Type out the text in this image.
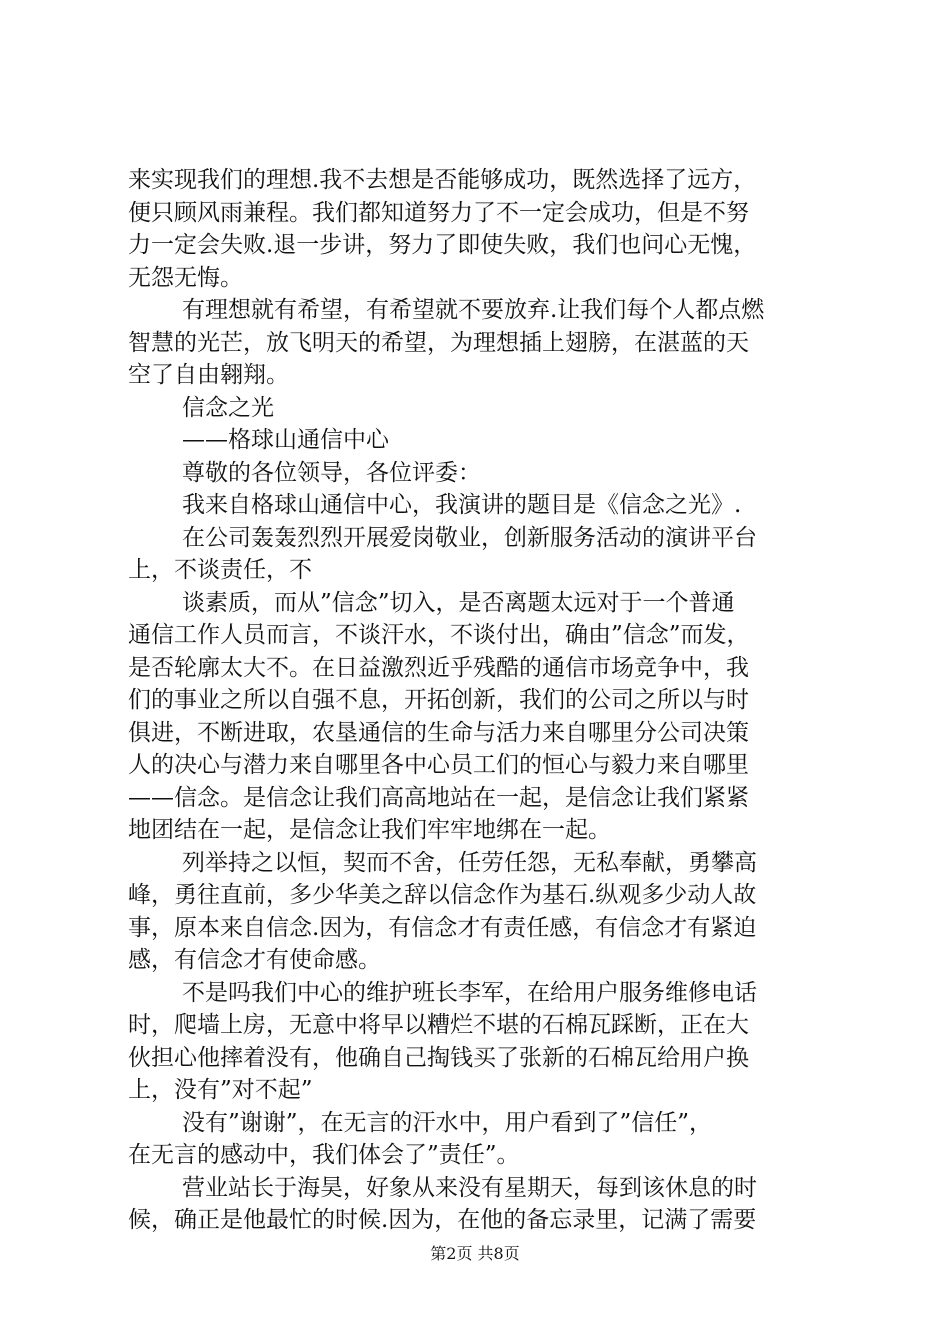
来实现我们的理想.我不去想是否能够成功，既然选择了远方，
便只顾风雨兼程。我们都知道努力了不一定会成功，但是不努
力一定会失败.退一步讲，努力了即使失败，我们也问心无愧，
无怨无悔。
有理想就有希望，有希望就不要放弃.让我们每个人都点燃
智慧的光芒，放飞明天的希望，为理想插上翅膀，在湛蓝的天
空了自由翱翔。
信念之光
——格球山通信中心
尊敬的各位领导，各位评委：
我来自格球山通信中心，我演讲的题目是《信念之光》.
在公司轰轰烈烈开展爱岗敬业，创新服务活动的演讲平台
上，不谈责任，不
谈素质，而从”信念”切入，是否离题太远对于一个普通
通信工作人员而言，不谈汗水，不谈付出，确由”信念”而发，
是否轮廓太大不。在日益激烈近乎残酷的通信市场竞争中，我
们的事业之所以自强不息，开拓创新，我们的公司之所以与时
俱进，不断进取，农垦通信的生命与活力来自哪里分公司决策
人的决心与潜力来自哪里各中心员工们的恒心与毅力来自哪里
——信念。是信念让我们高高地站在一起，是信念让我们紧紧
地团结在一起，是信念让我们牢牢地绑在一起。
列举持之以恒，契而不舍，任劳任怨，无私奉献，勇攀高
峰，勇往直前，多少华美之辞以信念作为基石.纵观多少动人故
事，原本来自信念.因为，有信念才有责任感，有信念才有紧迫
感，有信念才有使命感。
不是吗我们中心的维护班长李军，在给用户服务维修电话
时，爬墙上房，无意中将早以糟烂不堪的石棉瓦踩断，正在大
伙担心他摔着没有，他确自己掏钱买了张新的石棉瓦给用户换
上，没有”对不起”
没有”谢谢”，在无言的汗水中，用户看到了”信任”，
在无言的感动中，我们体会了”责任”。
营业站长于海昊，好象从来没有星期天，每到该休息的时
候，确正是他最忙的时候.因为，在他的备忘录里，记满了需要
第2页 共8页
